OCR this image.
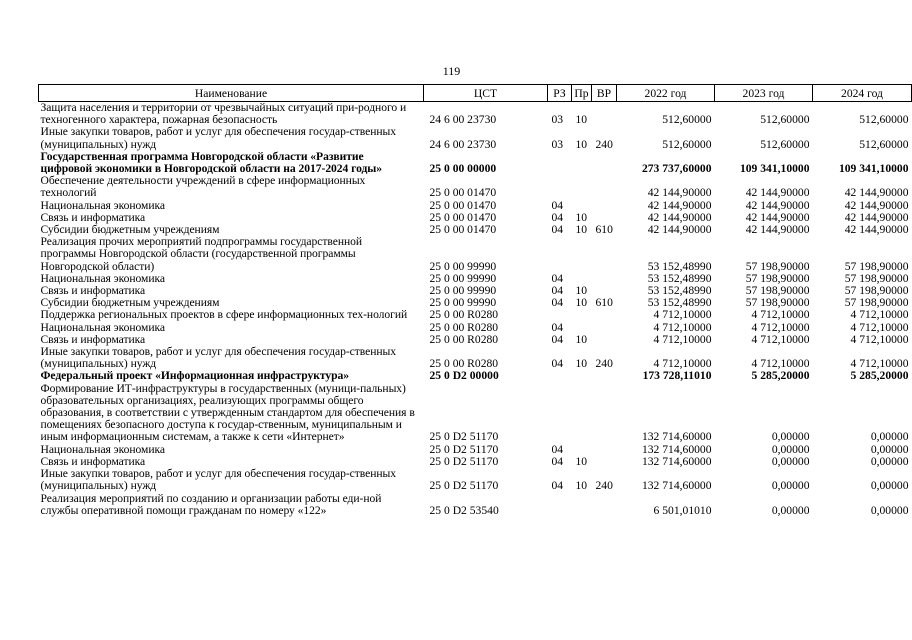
119
Наименование	ЦСТ	РЗ	Пр	ВР	2022 год	2023 год	2024 год
Защита населения и территории от чрезвычайных ситуаций при-родного и техногенного характера, пожарная безопасность	24 6 00 23730	03	10		512,60000	512,60000	512,60000
Иные закупки товаров, работ и услуг для обеспечения государ-ственных (муниципальных) нужд	24 6 00 23730	03	10	240	512,60000	512,60000	512,60000
Государственная программа Новгородской области «Развитие цифровой экономики в Новгородской области на 2017-2024 годы»	25 0 00 00000				273 737,60000	109 341,10000	109 341,10000
Обеспечение деятельности учреждений в сфере информационных технологий	25 0 00 01470				42 144,90000	42 144,90000	42 144,90000
Национальная экономика	25 0 00 01470	04			42 144,90000	42 144,90000	42 144,90000
Связь и информатика	25 0 00 01470	04	10		42 144,90000	42 144,90000	42 144,90000
Субсидии бюджетным учреждениям	25 0 00 01470	04	10	610	42 144,90000	42 144,90000	42 144,90000
Реализация прочих мероприятий подпрограммы государственной программы Новгородской области (государственной программы Новгородской области)	25 0 00 99990				53 152,48990	57 198,90000	57 198,90000
Национальная экономика	25 0 00 99990	04			53 152,48990	57 198,90000	57 198,90000
Связь и информатика	25 0 00 99990	04	10		53 152,48990	57 198,90000	57 198,90000
Субсидии бюджетным учреждениям	25 0 00 99990	04	10	610	53 152,48990	57 198,90000	57 198,90000
Поддержка региональных проектов в сфере информационных тех-нологий	25 0 00 R0280				4 712,10000	4 712,10000	4 712,10000
Национальная экономика	25 0 00 R0280	04			4 712,10000	4 712,10000	4 712,10000
Связь и информатика	25 0 00 R0280	04	10		4 712,10000	4 712,10000	4 712,10000
Иные закупки товаров, работ и услуг для обеспечения государ-ственных (муниципальных) нужд	25 0 00 R0280	04	10	240	4 712,10000	4 712,10000	4 712,10000
Федеральный проект «Информационная инфраструктура»	25 0 D2 00000				173 728,11010	5 285,20000	5 285,20000
Формирование ИТ-инфраструктуры в государственных (муници-пальных) образовательных организациях, реализующих программы общего образования, в соответствии с утвержденным стандартом для обеспечения в помещениях безопасного доступа к государ-ственным, муниципальным и иным информационным системам, а также к сети «Интернет»	25 0 D2 51170				132 714,60000	0,00000	0,00000
Национальная экономика	25 0 D2 51170	04			132 714,60000	0,00000	0,00000
Связь и информатика	25 0 D2 51170	04	10		132 714,60000	0,00000	0,00000
Иные закупки товаров, работ и услуг для обеспечения государ-ственных (муниципальных) нужд	25 0 D2 51170	04	10	240	132 714,60000	0,00000	0,00000
Реализация мероприятий по созданию и организации работы еди-ной службы оперативной помощи гражданам по номеру «122»	25 0 D2 53540				6 501,01010	0,00000	0,00000
